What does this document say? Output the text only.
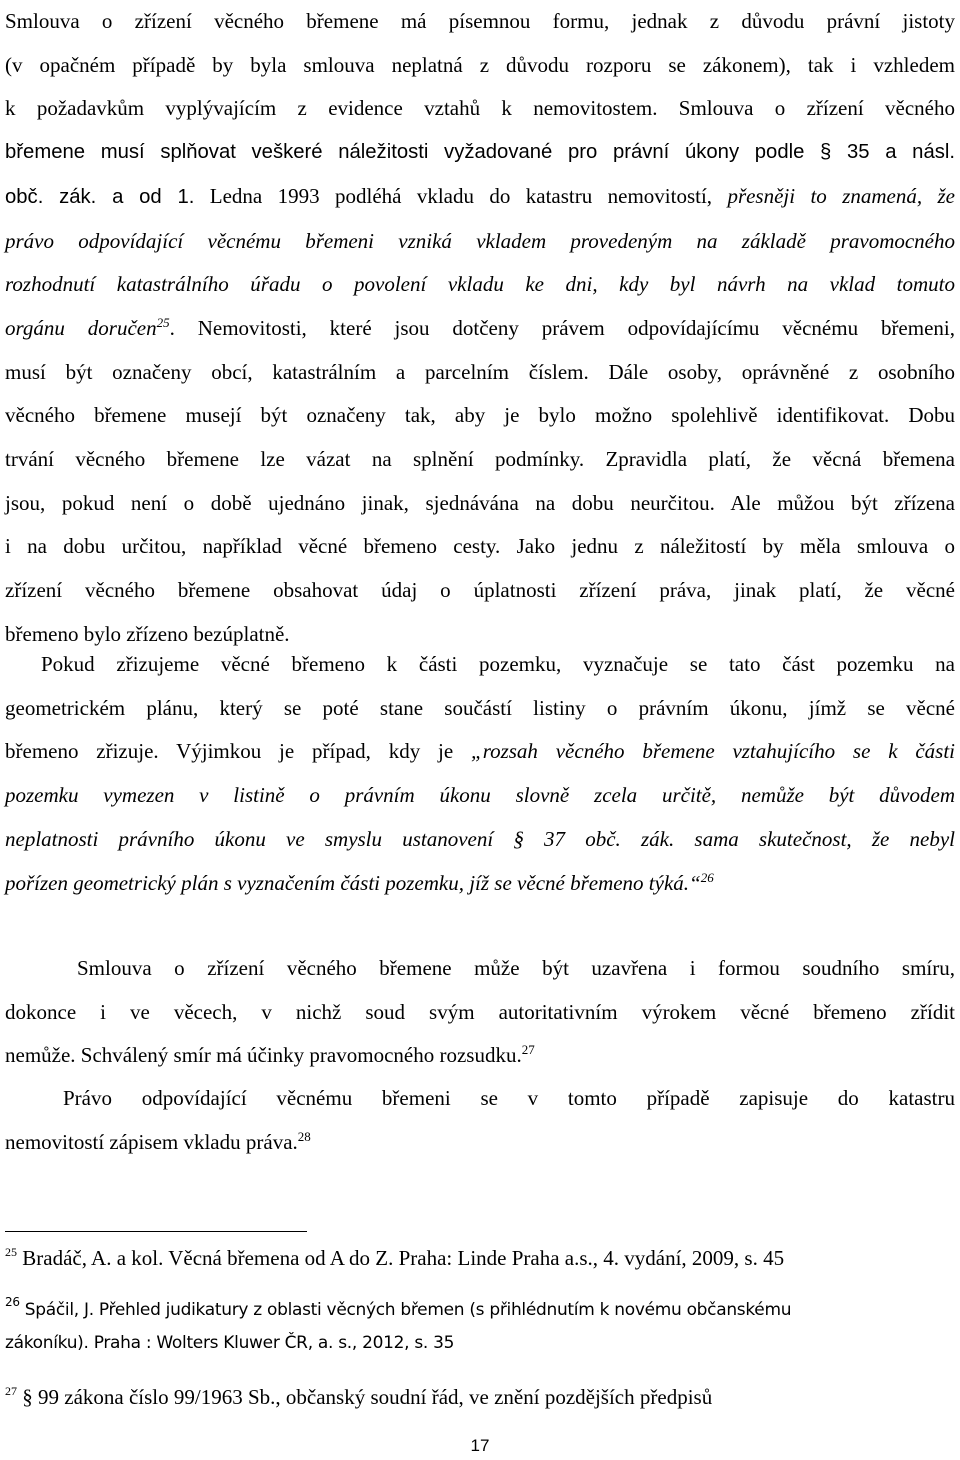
Smlouva o zřízení věcného břemene má písemnou formu, jednak z důvodu právní jistoty
(v opačném případě by byla smlouva neplatná z důvodu rozporu se zákonem), tak i vzhledem
k požadavkům vyplývajícím z evidence vztahů k nemovitostem. Smlouva o zřízení věcného
břemene musí splňovat veškeré náležitosti vyžadované pro právní úkony podle § 35 a násl.
obč. zák. a od 1. Ledna 1993 podléhá vkladu do katastru nemovitostí, přesněji to znamená, že
právo odpovídající věcnému břemeni vzniká vkladem provedeným na základě pravomocného
rozhodnutí katastrálního úřadu o povolení vkladu ke dni, kdy byl návrh na vklad tomuto
orgánu doručen$^{25}$. Nemovitosti, které jsou dotčeny právem odpovídajícímu věcnému břemeni,
musí být označeny obcí, katastrálním a parcelním číslem. Dále osoby, oprávněné z osobního
věcného břemene musejí být označeny tak, aby je bylo možno spolehlivě identifikovat. Dobu
trvání věcného břemene lze vázat na splnění podmínky. Zpravidla platí, že věcná břemena
jsou, pokud není o době ujednáno jinak, sjednávána na dobu neurčitou. Ale můžou být zřízena
i na dobu určitou, například věcné břemeno cesty. Jako jednu z náležitostí by měla smlouva o
zřízení věcného břemene obsahovat údaj o úplatnosti zřízení práva, jinak platí, že věcné
břemeno bylo zřízeno bezúplatně.
Pokud zřizujeme věcné břemeno k části pozemku, vyznačuje se tato část pozemku na
geometrickém plánu, který se poté stane součástí listiny o právním úkonu, jímž se věcné
břemeno zřizuje. Výjimkou je případ, kdy je „rozsah věcného břemene vztahujícího se k části
pozemku vymezen v listině o právním úkonu slovně zcela určitě, nemůže být důvodem
neplatnosti právního úkonu ve smyslu ustanovení § 37 obč. zák. sama skutečnost, že nebyl
pořízen geometrický plán s vyznačením části pozemku, jíž se věcné břemeno týká.“$^{26}$
Smlouva o zřízení věcného břemene může být uzavřena i formou soudního smíru,
dokonce i ve věcech, v nichž soud svým autoritativním výrokem věcné břemeno zřídit
nemůže. Schválený smír má účinky pravomocného rozsudku.$^{27}$
Právo odpovídající věcnému břemeni se v tomto případě zapisuje do katastru
nemovitostí zápisem vkladu práva.$^{28}$

$^{25}$ Bradáč, A. a kol. Věcná břemena od A do Z. Praha: Linde Praha a.s., 4. vydání, 2009, s. 45

$^{26}$ Spáčil, J. Přehled judikatury z oblasti věcných břemen (s přihlédnutím k novému občanskému
zákoníku). Praha : Wolters Kluwer ČR, a. s., 2012, s. 35

$^{27}$ § 99 zákona číslo 99/1963 Sb., občanský soudní řád, ve znění pozdějších předpisů

17
